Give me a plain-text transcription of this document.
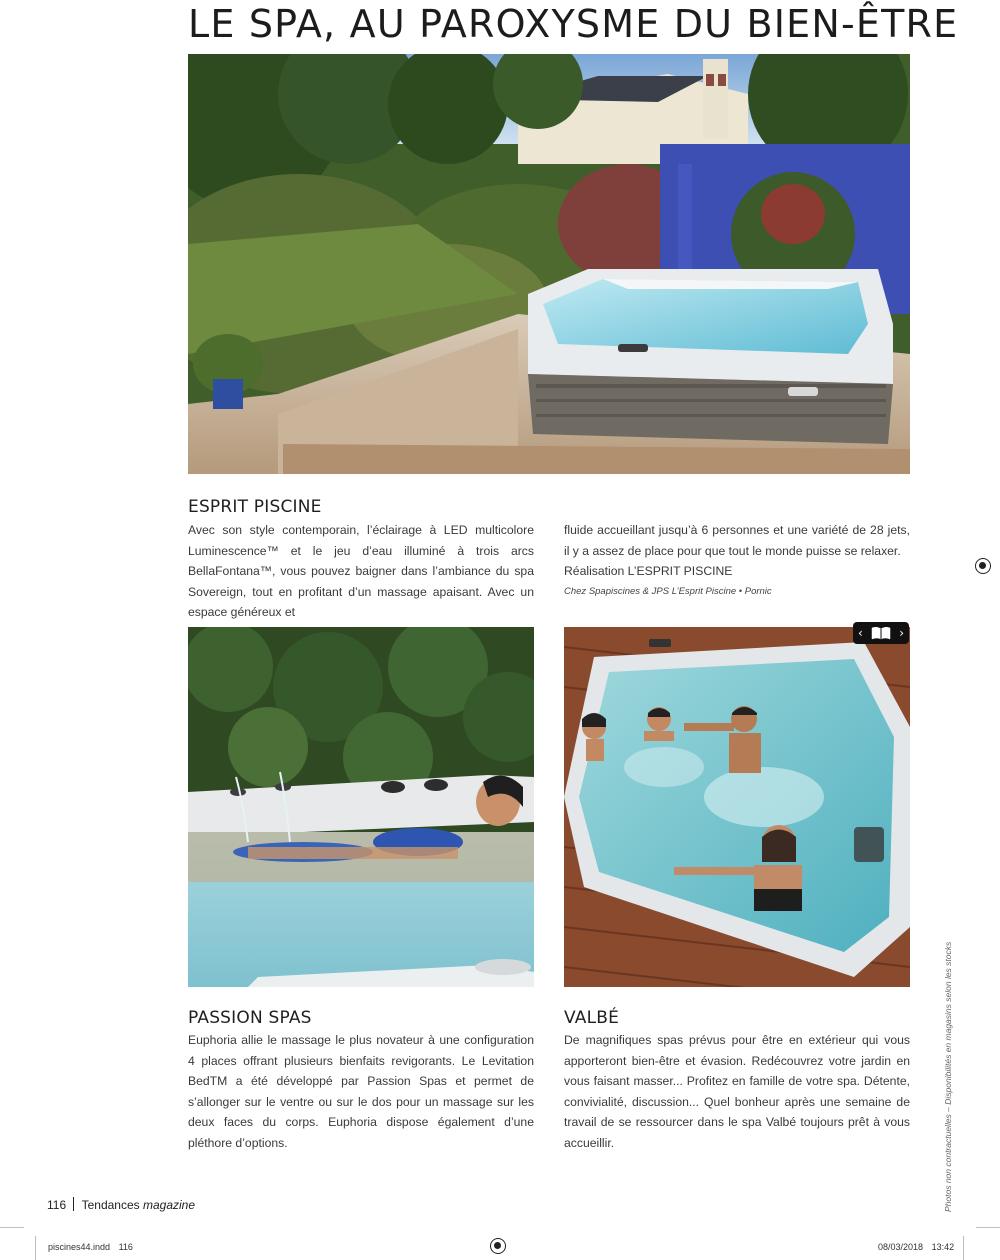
LE SPA, AU PAROXYSME DU BIEN-ÊTRE
ESPRIT PISCINE
Avec son style contemporain, l’éclairage à LED multicolore Luminescence™ et le jeu d’eau illuminé à trois arcs BellaFontana™, vous pouvez baigner dans l’ambiance du spa Sovereign, tout en profitant d’un massage apaisant. Avec un espace généreux et
fluide accueillant jusqu’à 6 personnes et une variété de 28 jets, il y a assez de place pour que tout le monde puisse se relaxer.
Réalisation L’ESPRIT PISCINE
Chez Spapiscines & JPS L’Esprit Piscine • Pornic
‹	›
PASSION SPAS
Euphoria allie le massage le plus novateur à une configuration 4 places offrant plusieurs bienfaits revigorants. Le Levitation BedTM a été développé par Passion Spas et permet de s’allonger sur le ventre ou sur le dos pour un massage sur les deux faces du corps. Euphoria dispose également d’une pléthore d’options.
VALBÉ
De magnifiques spas prévus pour être en extérieur qui vous apporteront bien-être et évasion. Redécouvrez votre jardin en vous faisant masser... Profitez en famille de votre spa. Détente, convivialité, discussion... Quel bonheur après une semaine de travail de se ressourcer dans le spa Valbé toujours prêt à vous accueillir.	Photos non contractuelles – Disponibilités en magasins selon les stocks
116 Tendances magazine
piscines44.indd 116	08/03/2018 13:42
